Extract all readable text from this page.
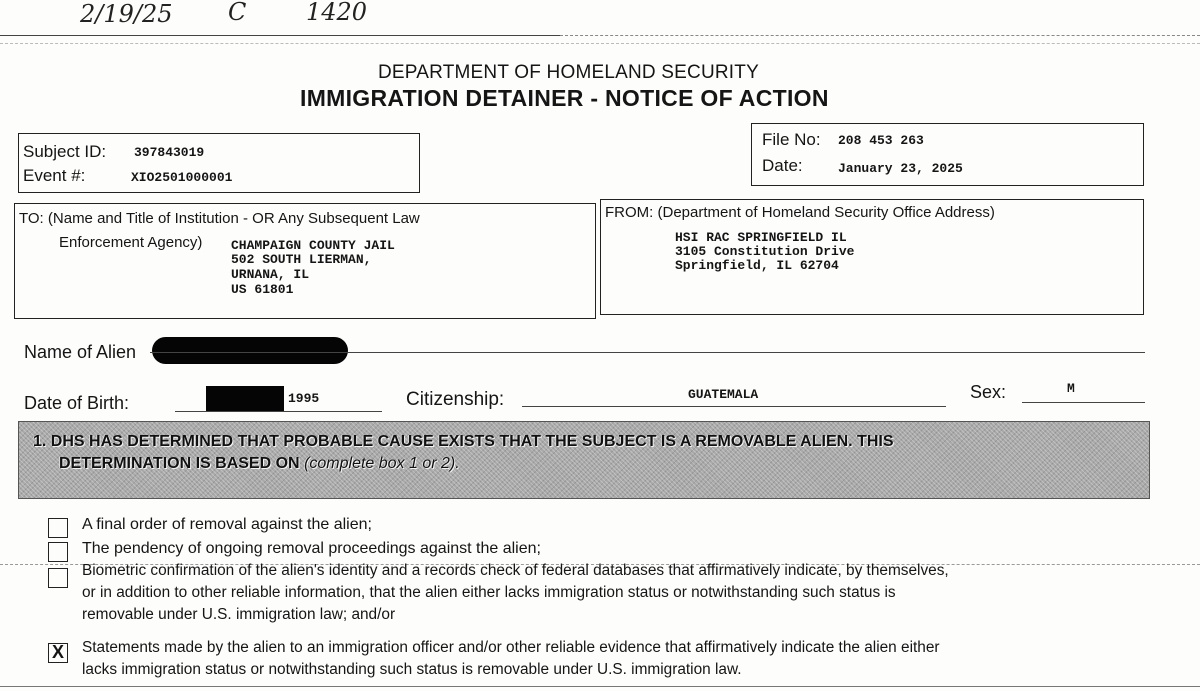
2/19/25 C 1420
DEPARTMENT OF HOMELAND SECURITY
IMMIGRATION DETAINER - NOTICE OF ACTION
Subject ID: 397843019
Event #:	XIO2501000001
File No: 208 453 263
Date:	January 23, 2025
TO: (Name and Title of Institution - OR Any Subsequent Law
Enforcement Agency) CHAMPAIGN COUNTY JAIL
502 SOUTH LIERMAN,
URNANA, IL
US 61801
FROM: (Department of Homeland Security Office Address)
HSI RAC SPRINGFIELD IL
3105 Constitution Drive
Springfield, IL 62704
Name of Alien
Date of Birth:	1995	Citizenship:	GUATEMALA	Sex:	M
1. DHS HAS DETERMINED THAT PROBABLE CAUSE EXISTS THAT THE SUBJECT IS A REMOVABLE ALIEN. THIS
DETERMINATION IS BASED ON (complete box 1 or 2).
A final order of removal against the alien;
The pendency of ongoing removal proceedings against the alien;
Biometric confirmation of the alien's identity and a records check of federal databases that affirmatively indicate, by themselves,
or in addition to other reliable information, that the alien either lacks immigration status or notwithstanding such status is
removable under U.S. immigration law; and/or
X Statements made by the alien to an immigration officer and/or other reliable evidence that affirmatively indicate the alien either
lacks immigration status or notwithstanding such status is removable under U.S. immigration law.
